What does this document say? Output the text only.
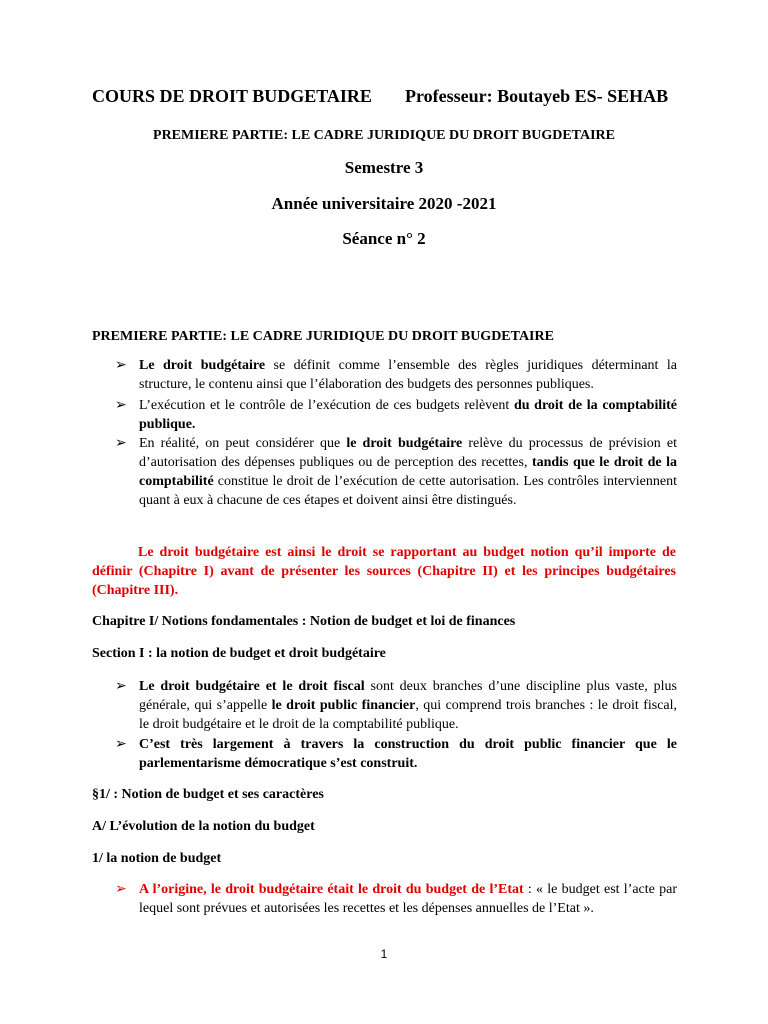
COURS DE DROIT BUDGETAIRE Professeur: Boutayeb ES- SEHAB
PREMIERE PARTIE: LE CADRE JURIDIQUE DU DROIT BUGDETAIRE
Semestre 3
Année universitaire 2020 -2021
Séance n° 2
PREMIERE PARTIE: LE CADRE JURIDIQUE DU DROIT BUGDETAIRE
➢ Le droit budgétaire se définit comme l’ensemble des règles juridiques déterminant la structure, le contenu ainsi que l’élaboration des budgets des personnes publiques.
➢ L’exécution et le contrôle de l’exécution de ces budgets relèvent du droit de la comptabilité publique.
➢ En réalité, on peut considérer que le droit budgétaire relève du processus de prévision et d’autorisation des dépenses publiques ou de perception des recettes, tandis que le droit de la comptabilité constitue le droit de l’exécution de cette autorisation. Les contrôles interviennent quant à eux à chacune de ces étapes et doivent ainsi être distingués.
Le droit budgétaire est ainsi le droit se rapportant au budget notion qu’il importe de définir (Chapitre I) avant de présenter les sources (Chapitre II) et les principes budgétaires (Chapitre III).
Chapitre I/ Notions fondamentales : Notion de budget et loi de finances
Section I : la notion de budget et droit budgétaire
➢ Le droit budgétaire et le droit fiscal sont deux branches d’une discipline plus vaste, plus générale, qui s’appelle le droit public financier, qui comprend trois branches : le droit fiscal, le droit budgétaire et le droit de la comptabilité publique.
➢ C’est très largement à travers la construction du droit public financier que le parlementarisme démocratique s’est construit.
§1/ : Notion de budget et ses caractères
A/ L’évolution de la notion du budget
1/ la notion de budget
➢ A l’origine, le droit budgétaire était le droit du budget de l’Etat : « le budget est l’acte par lequel sont prévues et autorisées les recettes et les dépenses annuelles de l’Etat ».
1
